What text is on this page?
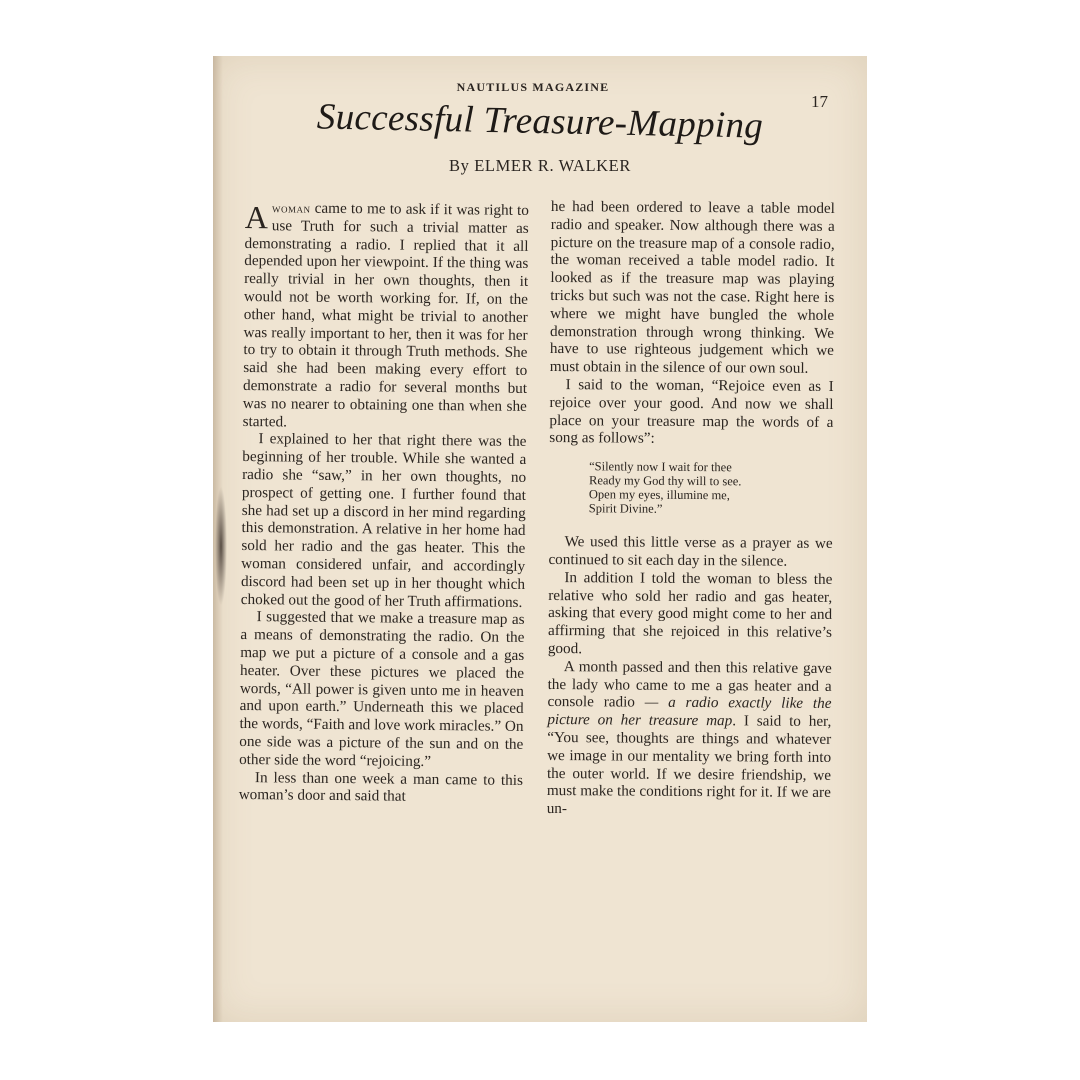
NAUTILUS MAGAZINE
17
Successful Treasure-Mapping
By ELMER R. WALKER

Awoman came to me to ask if it was right to use Truth for such a trivial matter as demonstrating a radio. I replied that it all depended upon her viewpoint. If the thing was really trivial in her own thoughts, then it would not be worth working for. If, on the other hand, what might be trivial to another was really important to her, then it was for her to try to obtain it through Truth methods. She said she had been making every effort to demonstrate a radio for several months but was no nearer to obtaining one than when she started.

I explained to her that right there was the beginning of her trouble. While she wanted a radio she “saw,” in her own thoughts, no prospect of getting one. I further found that she had set up a discord in her mind regarding this demonstration. A relative in her home had sold her radio and the gas heater. This the woman considered unfair, and accordingly discord had been set up in her thought which choked out the good of her Truth affirmations.

I suggested that we make a treasure map as a means of demonstrating the radio. On the map we put a picture of a console and a gas heater. Over these pictures we placed the words, “All power is given unto me in heaven and upon earth.” Underneath this we placed the words, “Faith and love work miracles.” On one side was a picture of the sun and on the other side the word “rejoicing.”

In less than one week a man came to this woman’s door and said that

he had been ordered to leave a table model radio and speaker. Now although there was a picture on the treasure map of a console radio, the woman received a table model radio. It looked as if the treasure map was playing tricks but such was not the case. Right here is where we might have bungled the whole demonstration through wrong thinking. We have to use righteous judgement which we must obtain in the silence of our own soul.

I said to the woman, “Rejoice even as I rejoice over your good. And now we shall place on your treasure map the words of a song as follows”:

“Silently now I wait for thee
Ready my God thy will to see.
Open my eyes, illumine me,
Spirit Divine.”

We used this little verse as a prayer as we continued to sit each day in the silence.

In addition I told the woman to bless the relative who sold her radio and gas heater, asking that every good might come to her and affirming that she rejoiced in this relative’s good.

A month passed and then this relative gave the lady who came to me a gas heater and a console radio — a radio exactly like the picture on her treasure map. I said to her, “You see, thoughts are things and whatever we image in our mentality we bring forth into the outer world. If we desire friendship, we must make the conditions right for it. If we are un-
